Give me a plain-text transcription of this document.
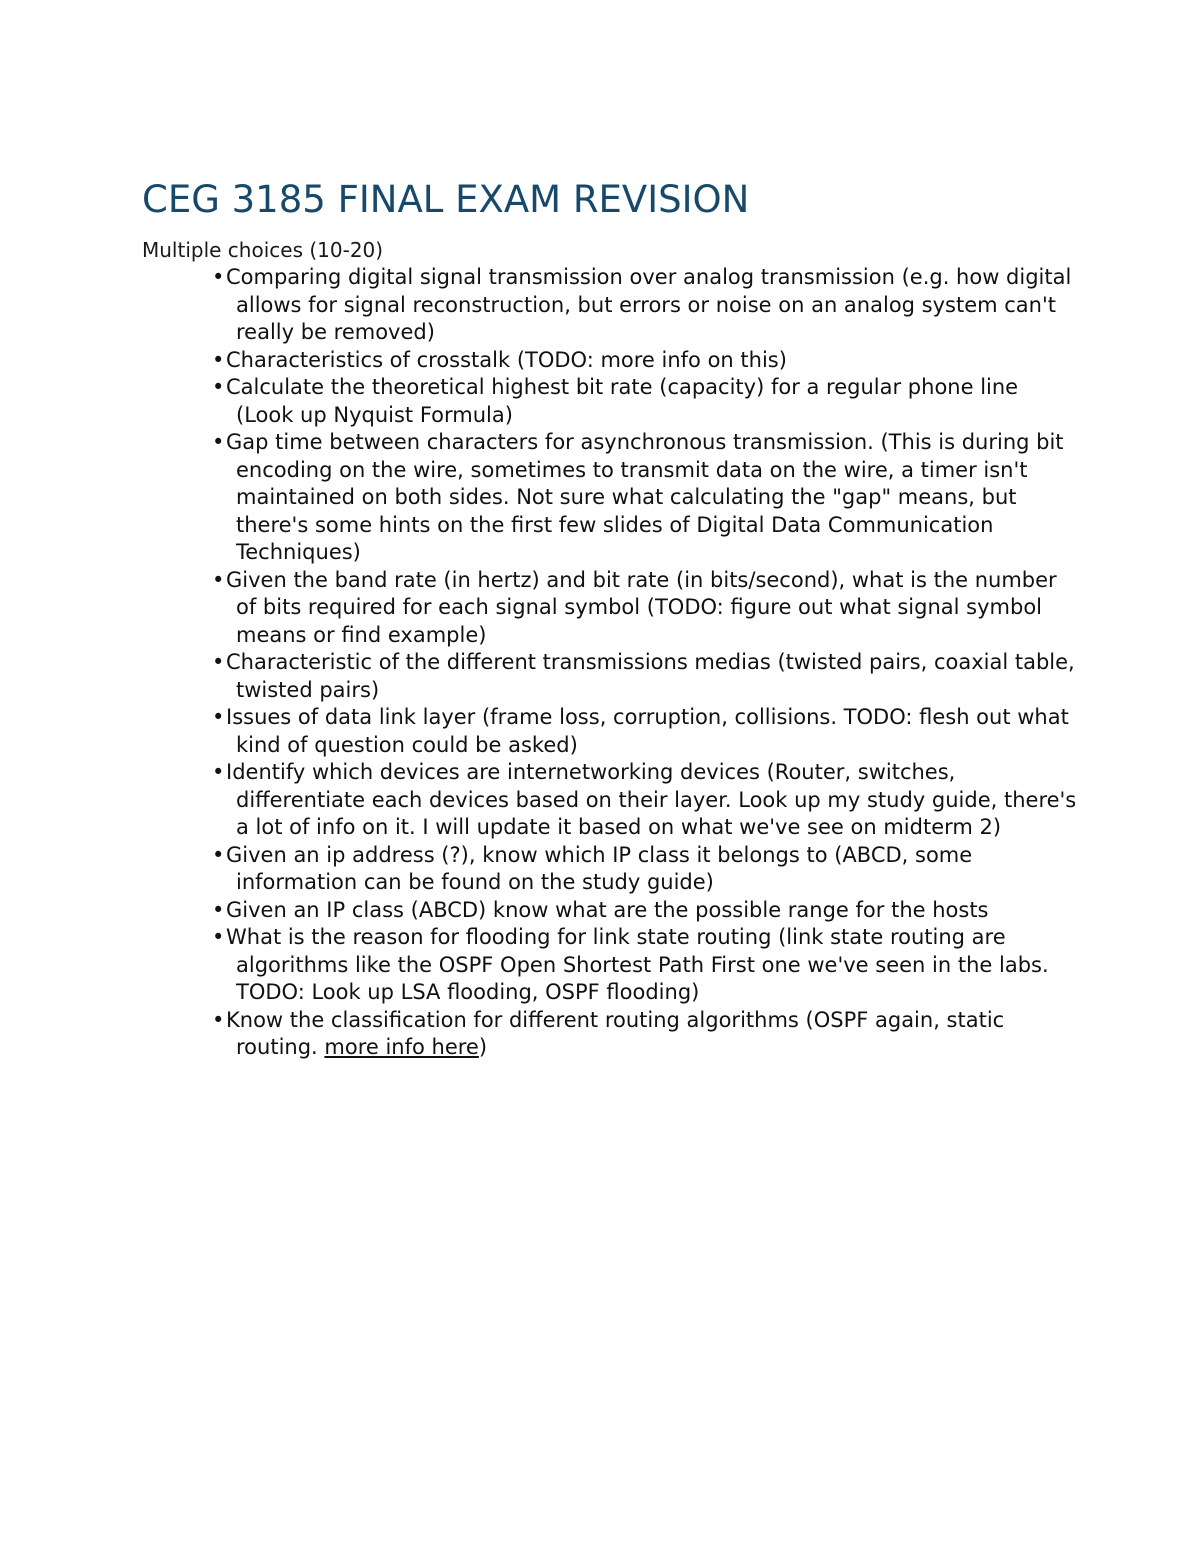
CEG 3185 FINAL EXAM REVISION

Multiple choices (10-20)

•Comparing digital signal transmission over analog transmission (e.g. how digital allows for signal reconstruction, but errors or noise on an analog system can't really be removed)
•Characteristics of crosstalk (TODO: more info on this)
•Calculate the theoretical highest bit rate (capacity) for a regular phone line (Look up Nyquist Formula)
•Gap time between characters for asynchronous transmission. (This is during bit encoding on the wire, sometimes to transmit data on the wire, a timer isn't maintained on both sides. Not sure what calculating the "gap" means, but there's some hints on the first few slides of Digital Data Communication Techniques)
•Given the band rate (in hertz) and bit rate (in bits/second), what is the number of bits required for each signal symbol (TODO: figure out what signal symbol means or find example)
•Characteristic of the different transmissions medias (twisted pairs, coaxial table, twisted pairs)
•Issues of data link layer (frame loss, corruption, collisions. TODO: flesh out what kind of question could be asked)
•Identify which devices are internetworking devices (Router, switches, differentiate each devices based on their layer. Look up my study guide, there's a lot of info on it. I will update it based on what we've see on midterm 2)
•Given an ip address (?), know which IP class it belongs to (ABCD, some information can be found on the study guide)
•Given an IP class (ABCD) know what are the possible range for the hosts
•What is the reason for flooding for link state routing (link state routing are algorithms like the OSPF Open Shortest Path First one we've seen in the labs. TODO: Look up LSA flooding, OSPF flooding)
•Know the classification for different routing algorithms (OSPF again, static routing. more info here)
